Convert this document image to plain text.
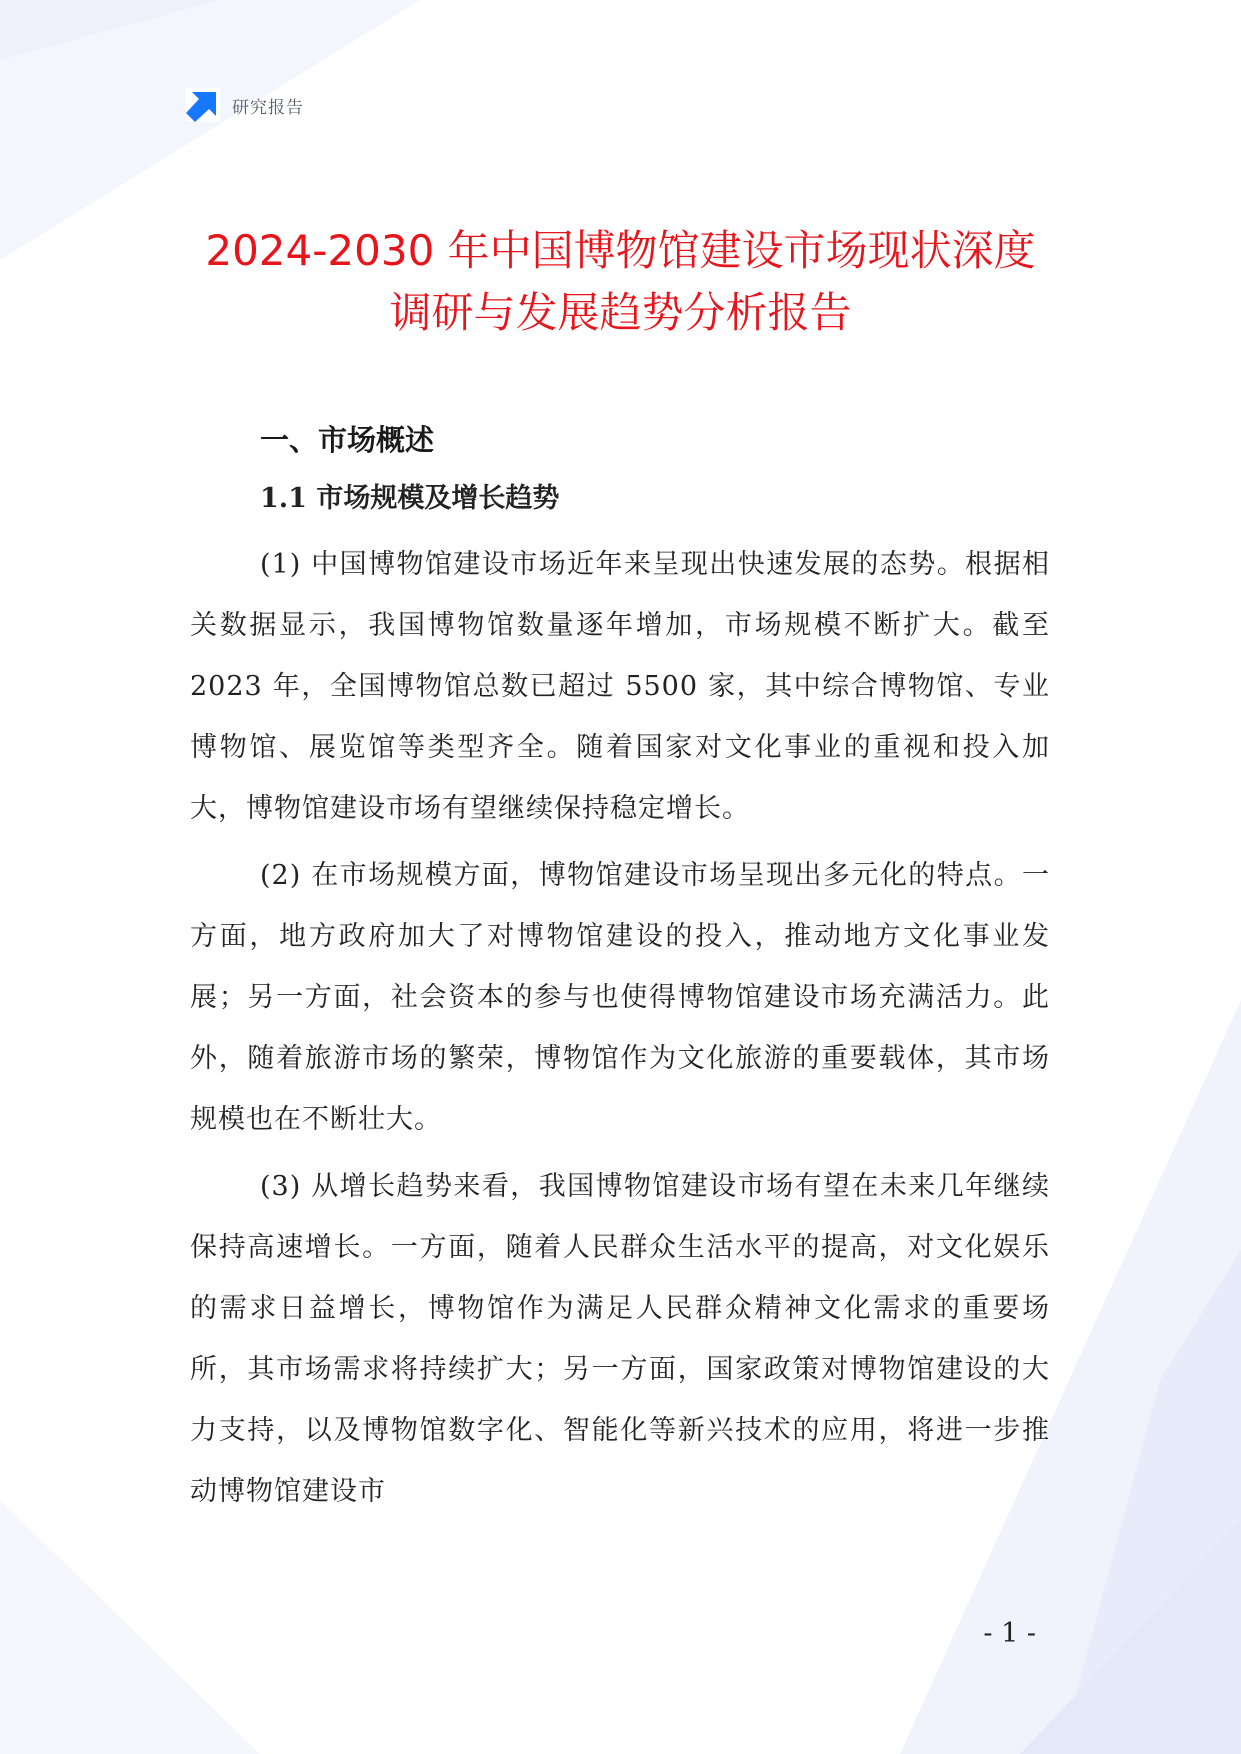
研究报告
2024-2030 年中国博物馆建设市场现状深度
调研与发展趋势分析报告
一、市场概述
1.1 市场规模及增长趋势

(1) 中国博物馆建设市场近年来呈现出快速发展的态势。根据相关数据显示，我国博物馆数量逐年增加，市场规模不断扩大。截至 2023 年，全国博物馆总数已超过 5500 家，其中综合博物馆、专业博物馆、展览馆等类型齐全。随着国家对文化事业的重视和投入加大，博物馆建设市场有望继续保持稳定增长。

(2) 在市场规模方面，博物馆建设市场呈现出多元化的特点。一方面，地方政府加大了对博物馆建设的投入，推动地方文化事业发展；另一方面，社会资本的参与也使得博物馆建设市场充满活力。此外，随着旅游市场的繁荣，博物馆作为文化旅游的重要载体，其市场规模也在不断壮大。

(3) 从增长趋势来看，我国博物馆建设市场有望在未来几年继续保持高速增长。一方面，随着人民群众生活水平的提高，对文化娱乐的需求日益增长，博物馆作为满足人民群众精神文化需求的重要场所，其市场需求将持续扩大；另一方面，国家政策对博物馆建设的大力支持，以及博物馆数字化、智能化等新兴技术的应用，将进一步推动博物馆建设市

- 1 -
